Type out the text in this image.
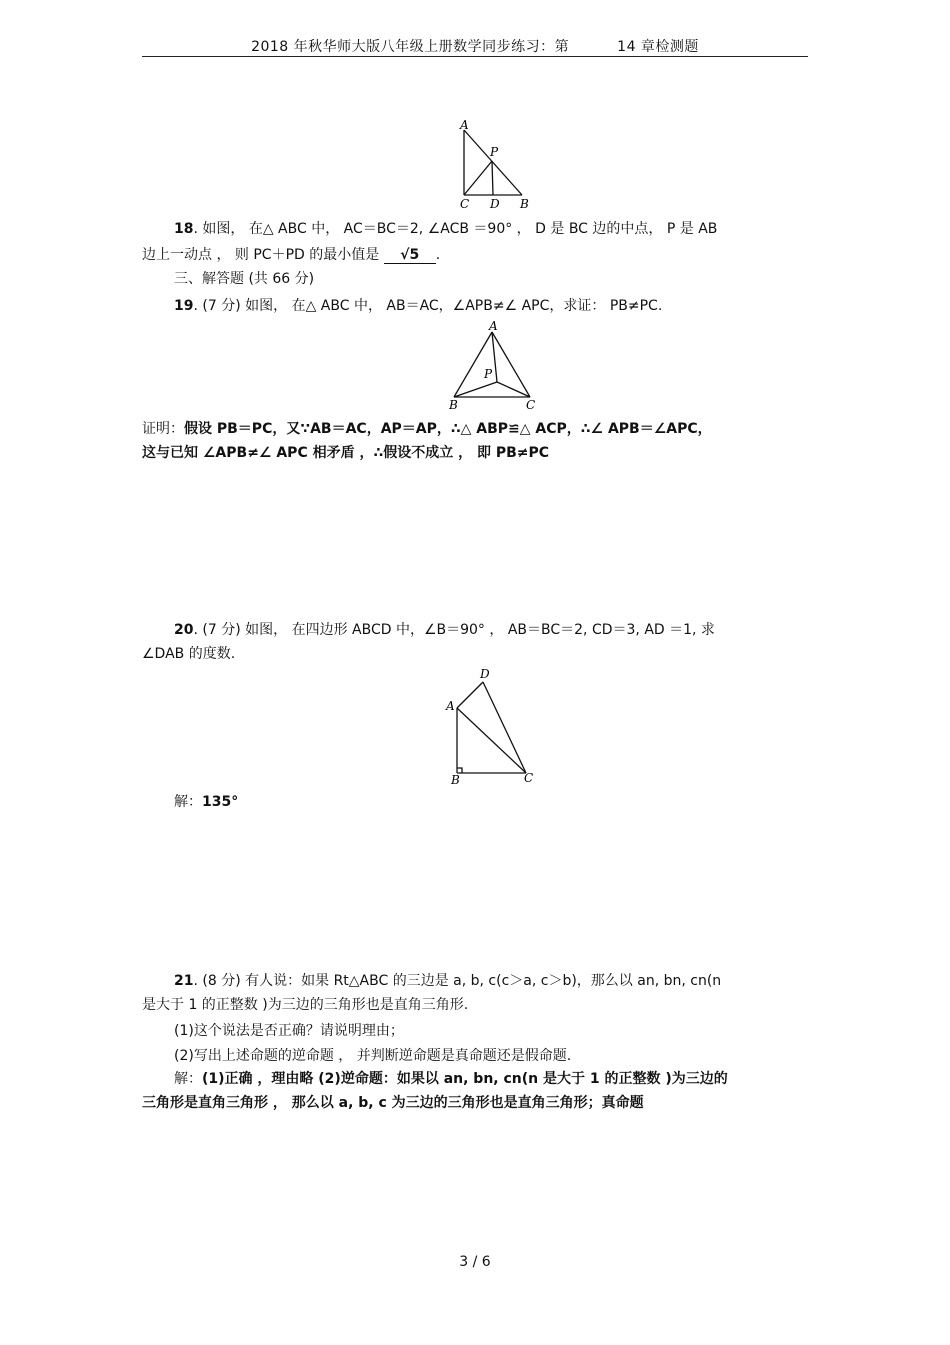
2018 年秋华师大版八年级上册数学同步练习：第	14 章检测题
A
P
C D B
18. 如图， 在△ ABC 中， AC＝BC＝2, ∠ACB ＝90° ， D 是 BC 边的中点， P 是 AB
边上一动点 ， 则 PC＋PD 的最小值是 √5 .
三、解答题 (共 66 分)
19. (7 分) 如图， 在△ ABC 中， AB＝AC，∠APB≠∠ APC，求证： PB≠PC.
A
P
B	C
证明：假设 PB＝PC，又∵AB＝AC，AP＝AP，∴△ ABP≌△ ACP，∴∠ APB＝∠APC，
这与已知 ∠APB≠∠ APC 相矛盾 ，∴假设不成立 ， 即 PB≠PC
20. (7 分) 如图， 在四边形 ABCD 中，∠B＝90° ， AB＝BC＝2, CD＝3, AD ＝1, 求
∠DAB 的度数.
D
A
B	C
解：135°
21. (8 分) 有人说：如果 Rt△ABC 的三边是 a, b, c(c＞a, c＞b)，那么以 an, bn, cn(n
是大于 1 的正整数 )为三边的三角形也是直角三角形.
(1)这个说法是否正确？请说明理由；
(2)写出上述命题的逆命题 ， 并判断逆命题是真命题还是假命题.
解：(1)正确 ，理由略 (2)逆命题：如果以 an, bn, cn(n 是大于 1 的正整数 )为三边的
三角形是直角三角形 ， 那么以 a, b, c 为三边的三角形也是直角三角形；真命题
3 / 6
